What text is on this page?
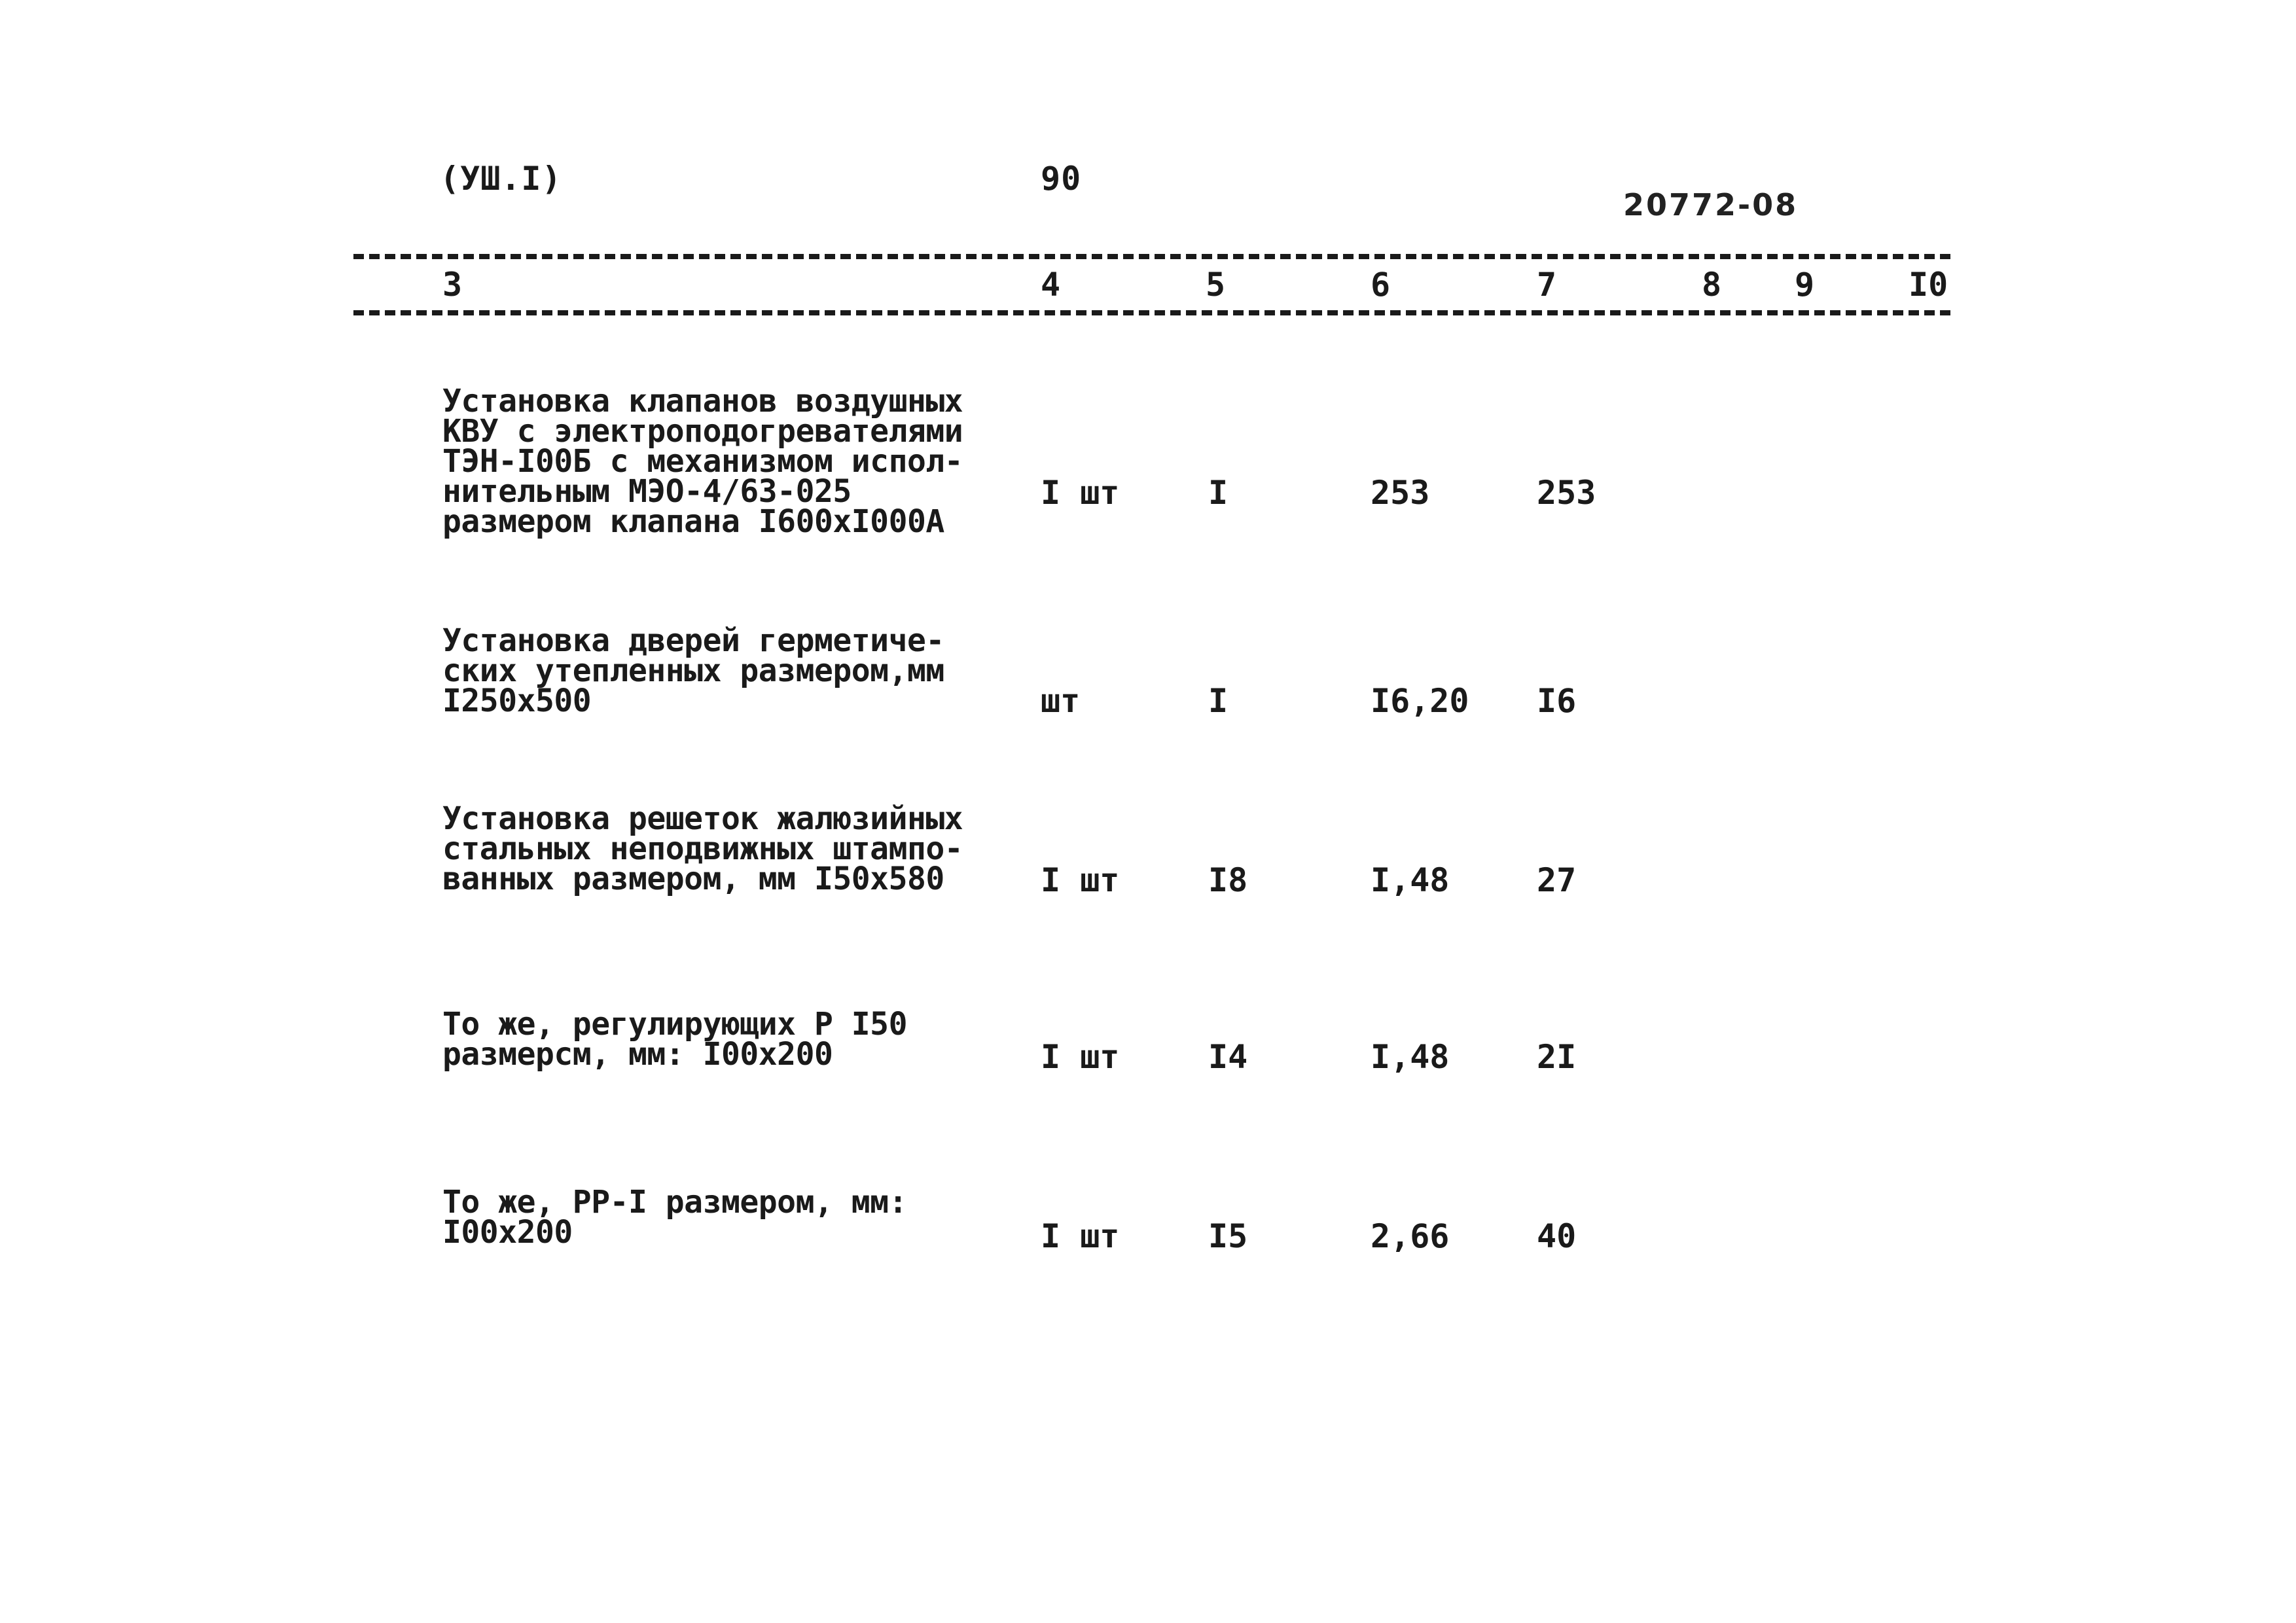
(УШ.I)	90
20772-08
3	4	5	6	7	8 9	I0
Установка клапанов воздушных
КВУ с электроподогревателями
ТЭН-I00Б с механизмом испол-
нительным МЭО-4/63-025
размером клапана I600хI000А
I шт	I	253	253
Установка дверей герметиче-
ских утепленных размером,мм
I250х500	шт	I	I6,20 I6
Установка решеток жалюзийных
стальных неподвижных штампо-
ванных размером, мм I50х580	I шт	I8	I,48	27
То же, регулирующих Р I50
размерсм, мм: I00х200	I шт	I4	I,48	2I
То же, РР-I размером, мм:
I00х200	I шт	I5	2,66	40
